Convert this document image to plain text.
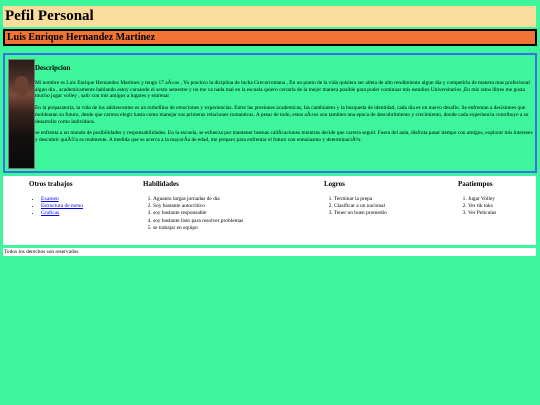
Pefil Personal
Luis Enrique Hernandez Martinez
Descripcion

Mi nombre es Luis Enrique Hernandez Martinez y tengo 17 aÃ±os , Yo practico la diciplina de lucha Grecorromana , En un punto de la vida quisiera ser atleta de alto rendimiento algun dia y competirlo de manera mas profecional algun dia , academicamente hablando estoy cursando el sexto semestre y no me va nada mal en la escuela quiero cerrarla de la mejor manera posible para poder continuar mis estudios Universitarios ,En mis ratos libres me gusta mucho jugar volley , salir con mis amigos a lugares y entrenar

En la preparatoria, la vida de los adolescentes es un torbellino de emociones y experiencias. Entre las presiones academicas, las cambiantes y la busqueda de identidad, cada dia es un nuevo desafio. Se enfrentan a decisiones que moldearan su futuro, desde que carrera elegir hasta como manejar sus primeras relaciones romanticas. A pesar de todo, estos aÃ±os son tambien una epoca de descubrimiento y crecimiento, donde cada experiencia contribuye a su desarrollo como individuos.

se enfrenta a un mundo de posibilidades y responsabilidades. En la escuela, se esfuerza por mantener buenas calificaciones mientras decide que carrera seguir. Fuera del aula, disfruta pasar tiempo con amigos, explorar mis intereses y descubrir quiÃ©n es realmente. A medida que se acerca a la mayorÃa de edad, me preparo para enfrentar el futuro con entusiasmo y determinaciÃ³n.

Otros trabajos
• Examen
• Estructura de menu
• Graficas
Habilidades
1. Aguanto largas jornadas de dia
2. Soy bastante autocritico
3. soy bastante responsable
4. soy bastante listo para resolver problemas
5. se trabajar en equipo
Logros
1. Terminar la prepa
2. Clasificar a un nacional
3. Tener un buen promedio
Paatiempos
1. Jugar Volley
2. Ver tik toks
3. Ver Peliculas
Todos los derechos son reservados
